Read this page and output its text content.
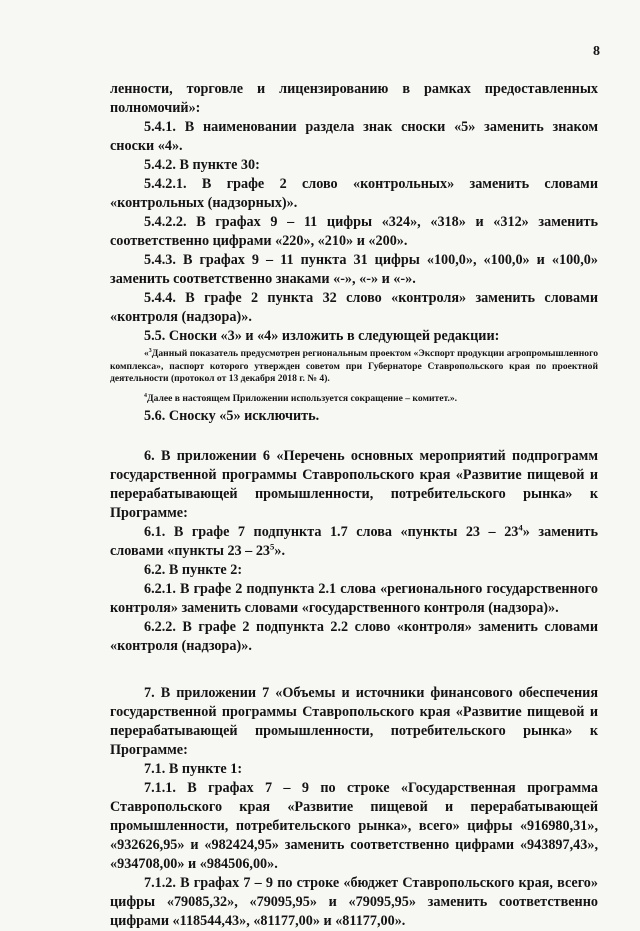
8

ленности, торговле и лицензированию в рамках предоставленных полномочий»:

5.4.1. В наименовании раздела знак сноски «5» заменить знаком сноски «4».

5.4.2. В пункте 30:

5.4.2.1. В графе 2 слово «контрольных» заменить словами «контрольных (надзорных)».

5.4.2.2. В графах 9 – 11 цифры «324», «318» и «312» заменить соответственно цифрами «220», «210» и «200».

5.4.3. В графах 9 – 11 пункта 31 цифры «100,0», «100,0» и «100,0» заменить соответственно знаками «-», «-» и «-».

5.4.4. В графе 2 пункта 32 слово «контроля» заменить словами «контроля (надзора)».

5.5. Сноски «3» и «4» изложить в следующей редакции:

«$^3$Данный показатель предусмотрен региональным проектом «Экспорт продукции агропромышленного комплекса», паспорт которого утвержден советом при Губернаторе Ставропольского края по проектной деятельности (протокол от 13 декабря 2018 г. № 4).

$^4$Далее в настоящем Приложении используется сокращение – комитет.».

5.6. Сноску «5» исключить.

6. В приложении 6 «Перечень основных мероприятий подпрограмм государственной программы Ставропольского края «Развитие пищевой и перерабатывающей промышленности, потребительского рынка» к Программе:

6.1. В графе 7 подпункта 1.7 слова «пункты $23 - 23^4$» заменить словами «пункты $23 - 23^5$».

6.2. В пункте 2:

6.2.1. В графе 2 подпункта 2.1 слова «регионального государственного контроля» заменить словами «государственного контроля (надзора)».

6.2.2. В графе 2 подпункта 2.2 слово «контроля» заменить словами «контроля (надзора)».

7. В приложении 7 «Объемы и источники финансового обеспечения государственной программы Ставропольского края «Развитие пищевой и перерабатывающей промышленности, потребительского рынка» к Программе:

7.1. В пункте 1:

7.1.1. В графах 7 – 9 по строке «Государственная программа Ставропольского края «Развитие пищевой и перерабатывающей промышленности, потребительского рынка», всего» цифры «916980,31», «932626,95» и «982424,95» заменить соответственно цифрами «943897,43», «934708,00» и «984506,00».

7.1.2. В графах 7 – 9 по строке «бюджет Ставропольского края, всего» цифры «79085,32», «79095,95» и «79095,95» заменить соответственно цифрами «118544,43», «81177,00» и «81177,00».
